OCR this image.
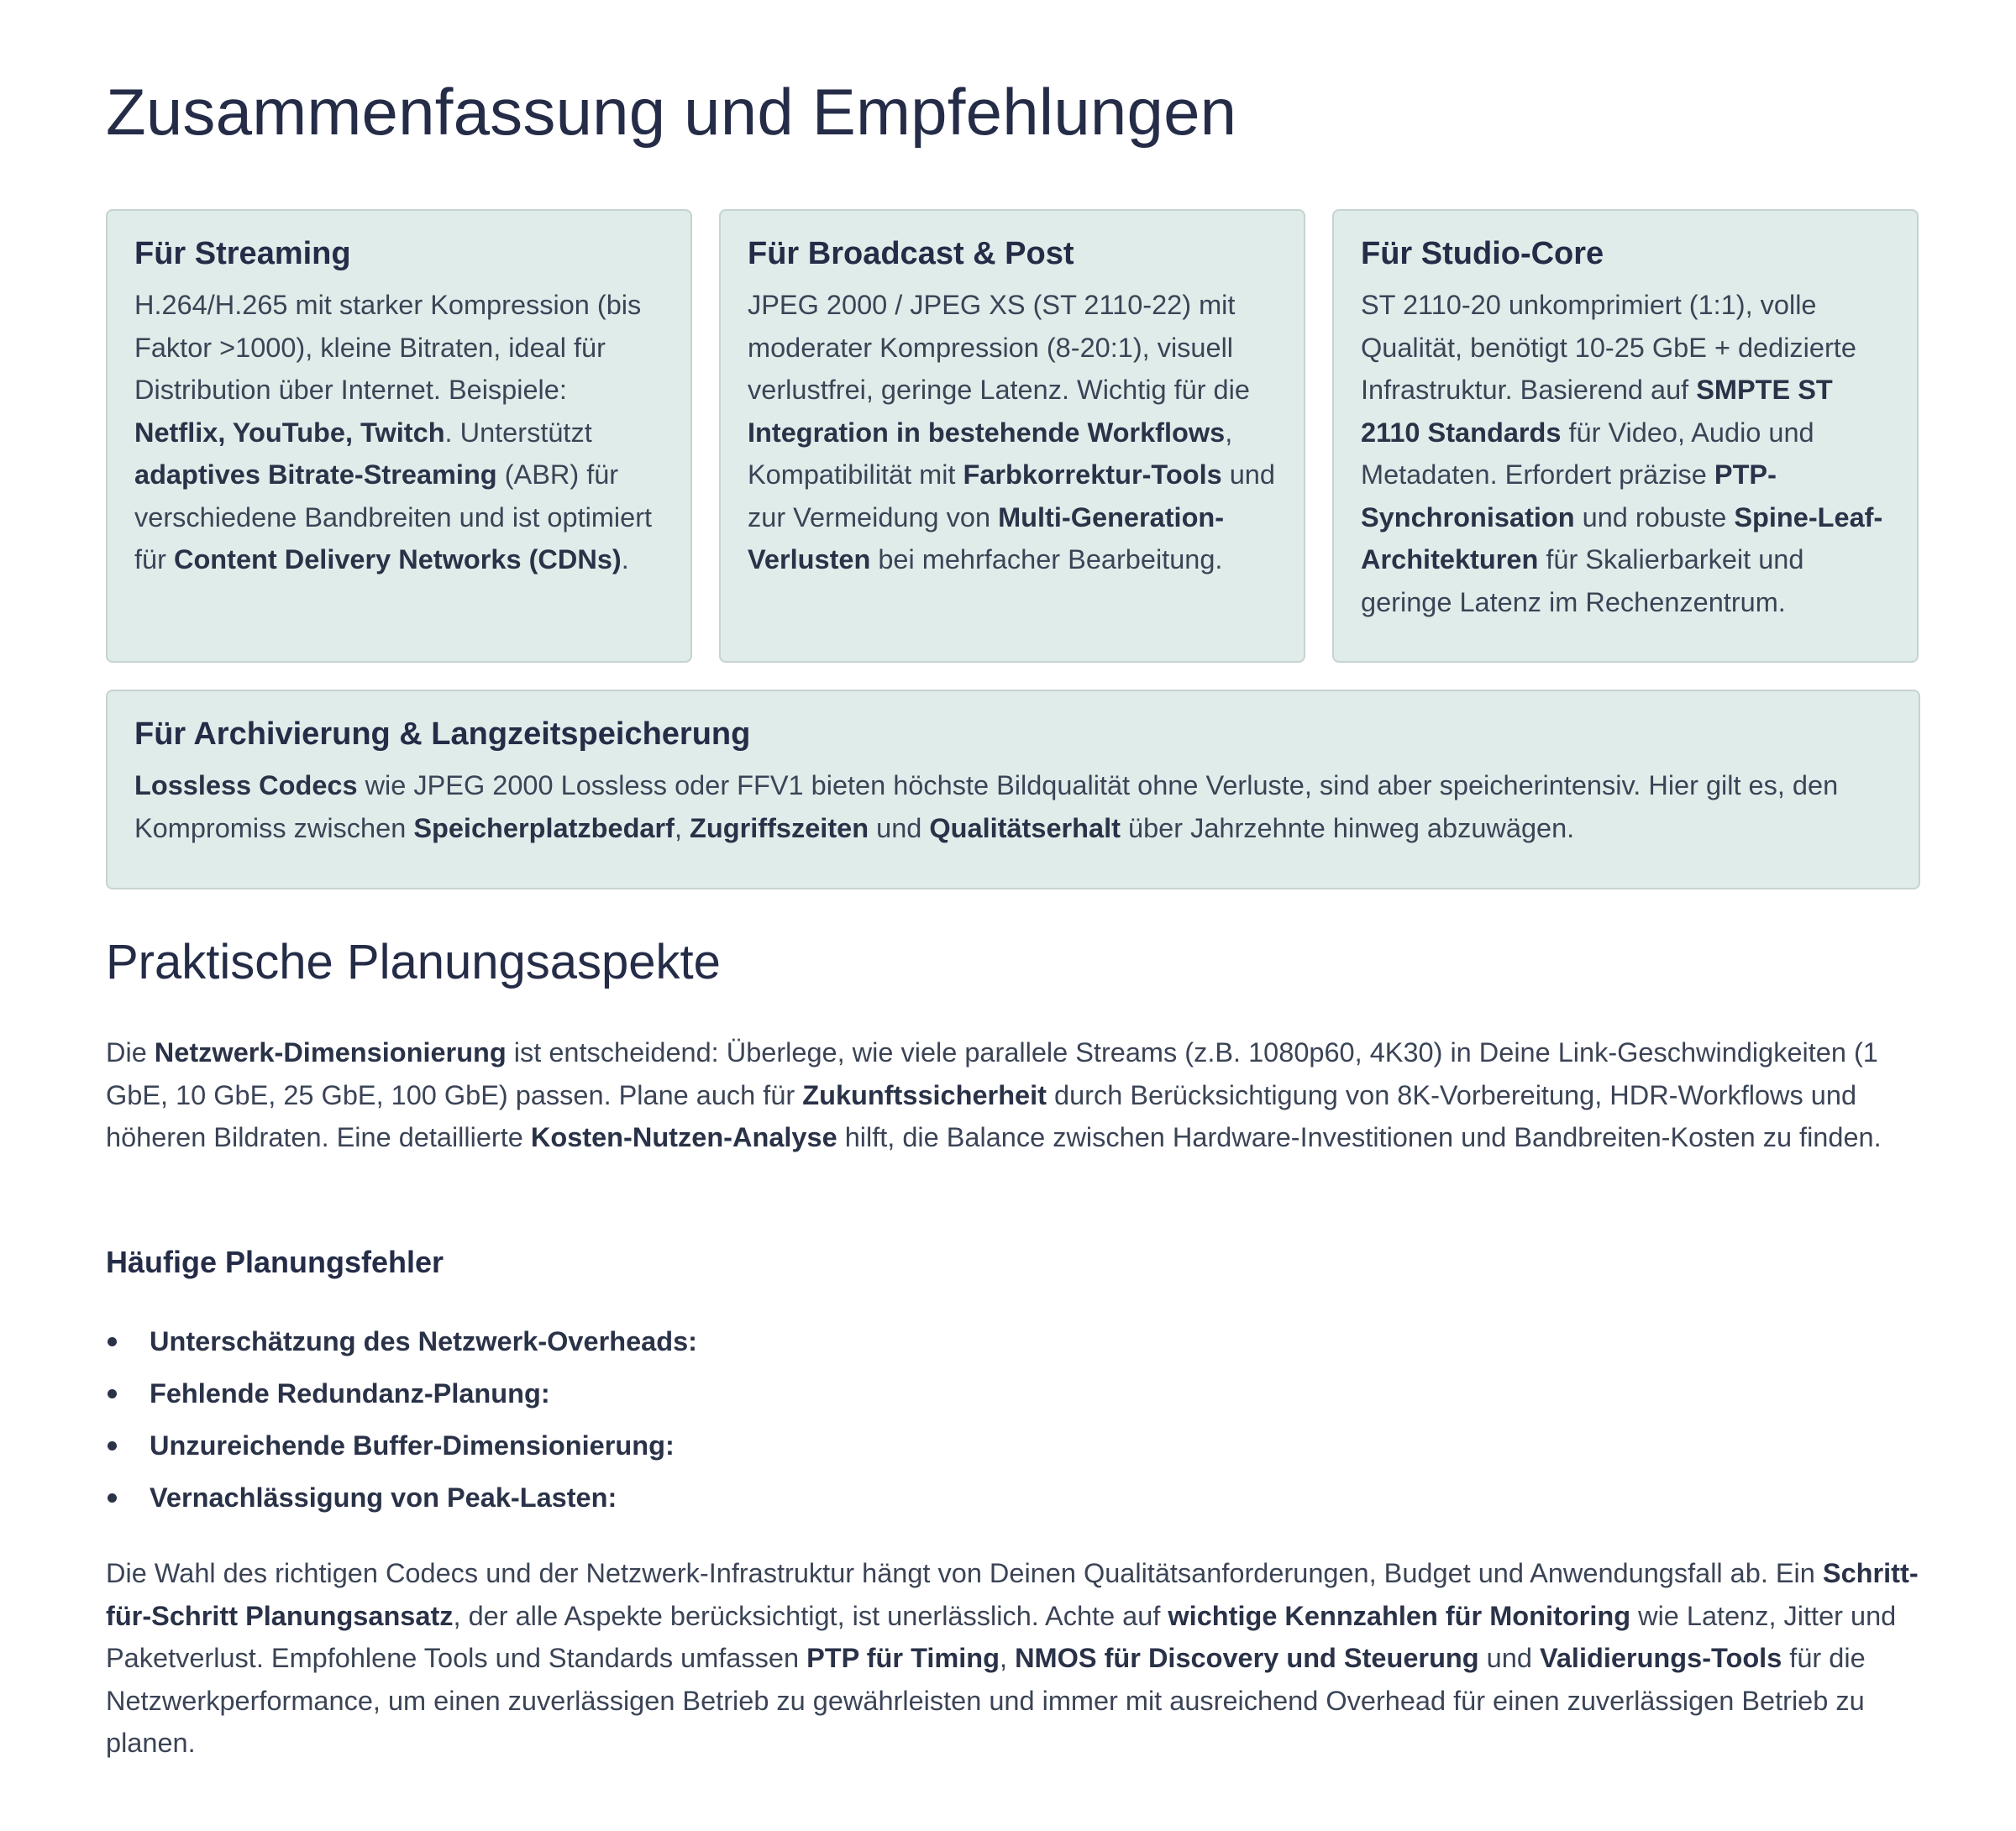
Zusammenfassung und Empfehlungen
Für Streaming

H.264/H.265 mit starker Kompression (bis Faktor >1000), kleine Bitraten, ideal für Distribution über Internet. Beispiele: Netflix, YouTube, Twitch. Unterstützt adaptives Bitrate-Streaming (ABR) für verschiedene Bandbreiten und ist optimiert für Content Delivery Networks (CDNs).

Für Broadcast & Post

JPEG 2000 / JPEG XS (ST 2110-22) mit moderater Kompression (8-20:1), visuell verlustfrei, geringe Latenz. Wichtig für die Integration in bestehende Workflows, Kompatibilität mit Farbkorrektur-Tools und zur Vermeidung von Multi-Generation-Verlusten bei mehrfacher Bearbeitung.

Für Studio-Core

ST 2110-20 unkomprimiert (1:1), volle Qualität, benötigt 10-25 GbE + dedizierte Infrastruktur. Basierend auf SMPTE ST 2110 Standards für Video, Audio und Metadaten. Erfordert präzise PTP-Synchronisation und robuste Spine-Leaf-Architekturen für Skalierbarkeit und geringe Latenz im Rechenzentrum.

Für Archivierung & Langzeitspeicherung

Lossless Codecs wie JPEG 2000 Lossless oder FFV1 bieten höchste Bildqualität ohne Verluste, sind aber speicherintensiv. Hier gilt es, den Kompromiss zwischen Speicherplatzbedarf, Zugriffszeiten und Qualitätserhalt über Jahrzehnte hinweg abzuwägen.

Praktische Planungsaspekte

Die Netzwerk-Dimensionierung ist entscheidend: Überlege, wie viele parallele Streams (z.B. 1080p60, 4K30) in Deine Link-Geschwindigkeiten (1 GbE, 10 GbE, 25 GbE, 100 GbE) passen. Plane auch für Zukunftssicherheit durch Berücksichtigung von 8K-Vorbereitung, HDR-Workflows und höheren Bildraten. Eine detaillierte Kosten-Nutzen-Analyse hilft, die Balance zwischen Hardware-Investitionen und Bandbreiten-Kosten zu finden.

Häufige Planungsfehler
Unterschätzung des Netzwerk-Overheads:
Fehlende Redundanz-Planung:
Unzureichende Buffer-Dimensionierung:
Vernachlässigung von Peak-Lasten:

Die Wahl des richtigen Codecs und der Netzwerk-Infrastruktur hängt von Deinen Qualitätsanforderungen, Budget und Anwendungsfall ab. Ein Schritt-für-Schritt Planungsansatz, der alle Aspekte berücksichtigt, ist unerlässlich. Achte auf wichtige Kennzahlen für Monitoring wie Latenz, Jitter und Paketverlust. Empfohlene Tools und Standards umfassen PTP für Timing, NMOS für Discovery und Steuerung und Validierungs-Tools für die Netzwerkperformance, um einen zuverlässigen Betrieb zu gewährleisten und immer mit ausreichend Overhead für einen zuverlässigen Betrieb zu planen.
